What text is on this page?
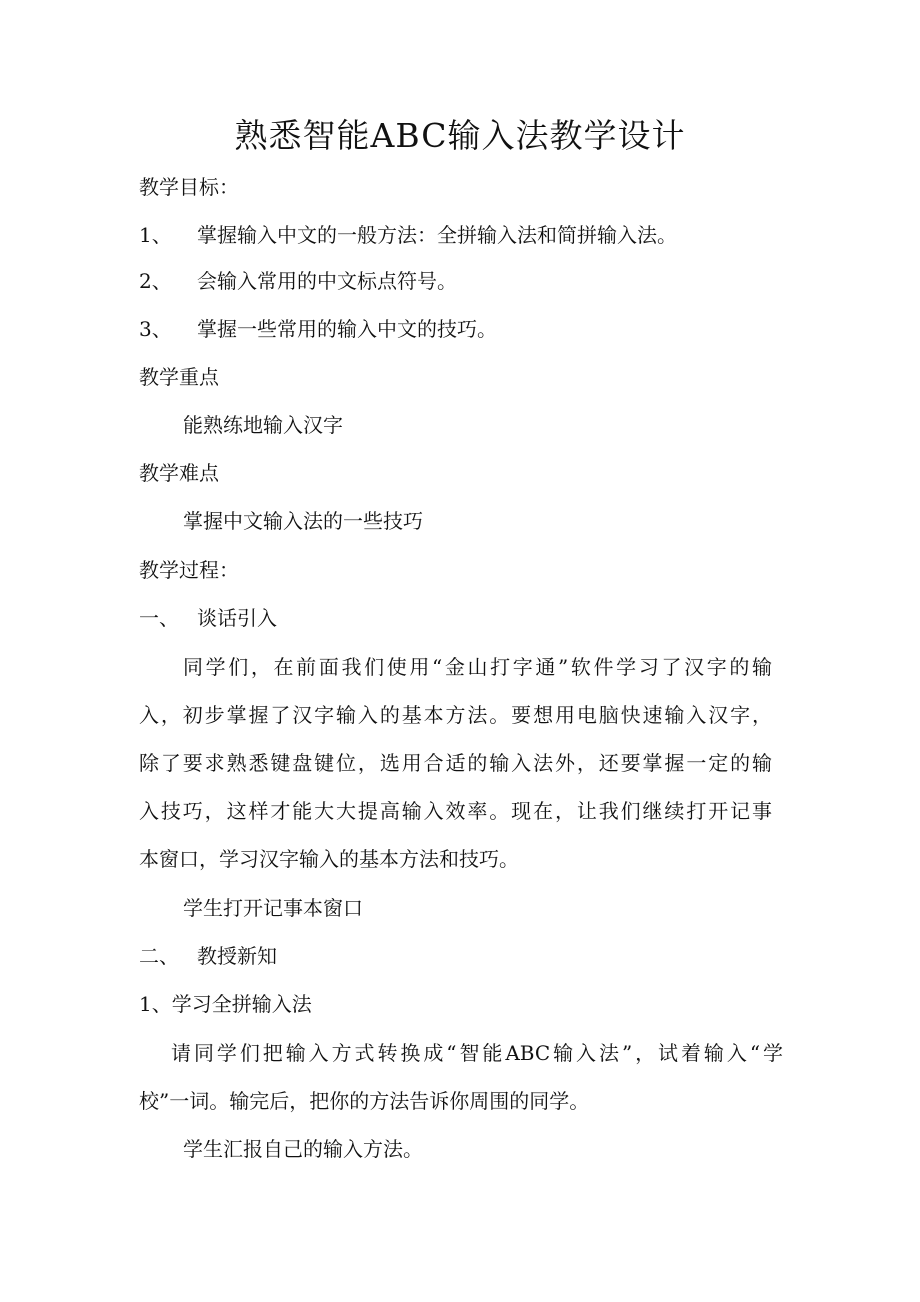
熟悉智能ABC输入法教学设计
教学目标：
1、 掌握输入中文的一般方法：全拼输入法和简拼输入法。
2、 会输入常用的中文标点符号。
3、 掌握一些常用的输入中文的技巧。
教学重点
能熟练地输入汉字
教学难点
掌握中文输入法的一些技巧
教学过程：
一、 谈话引入
同学们，在前面我们使用“金山打字通”软件学习了汉字的输
入，初步掌握了汉字输入的基本方法。要想用电脑快速输入汉字，
除了要求熟悉键盘键位，选用合适的输入法外，还要掌握一定的输
入技巧，这样才能大大提高输入效率。现在，让我们继续打开记事
本窗口，学习汉字输入的基本方法和技巧。
学生打开记事本窗口
二、 教授新知
1、学习全拼输入法
请同学们把输入方式转换成“智能ABC输入法”，试着输入“学
校”一词。输完后，把你的方法告诉你周围的同学。
学生汇报自己的输入方法。
